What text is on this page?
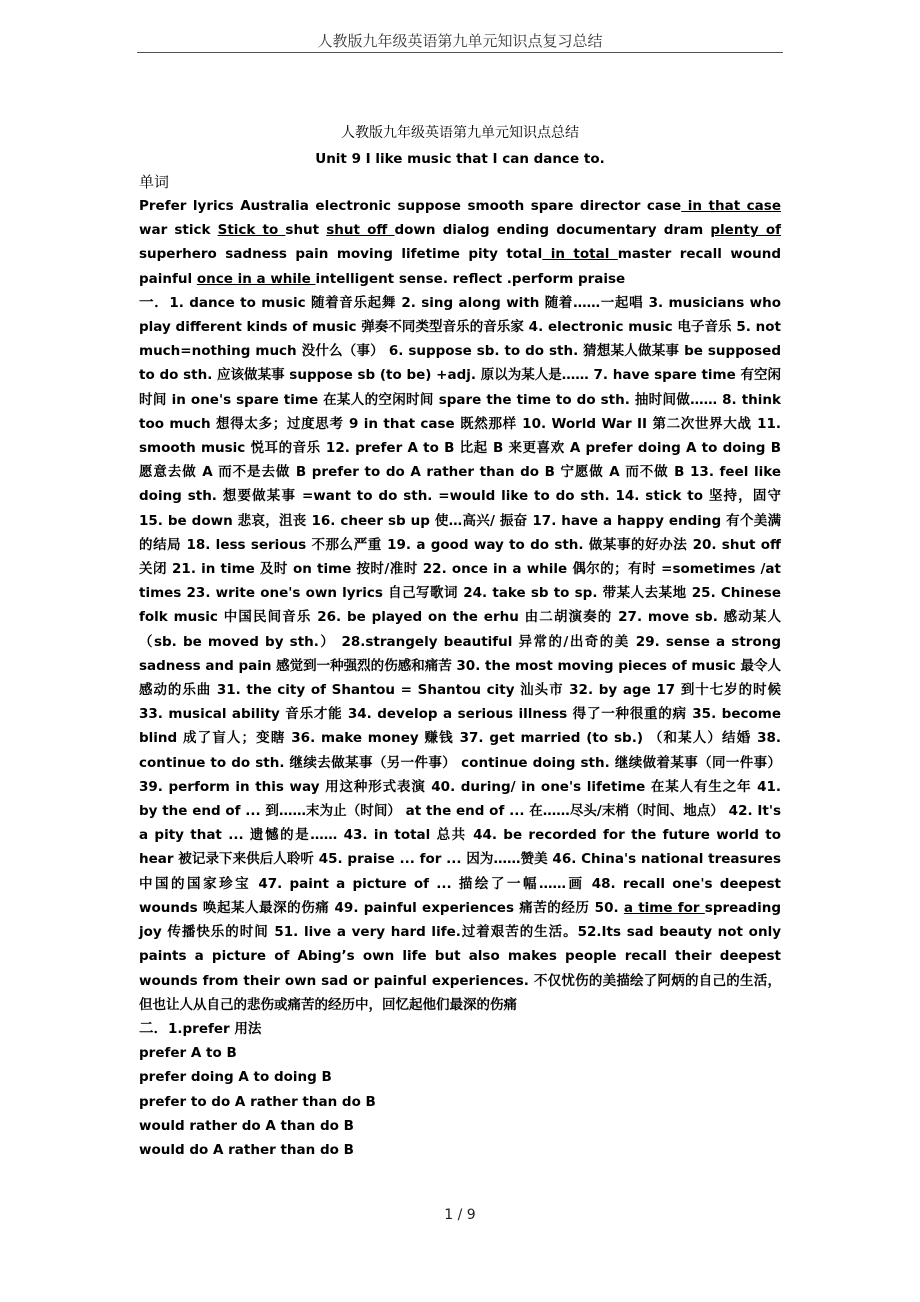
人教版九年级英语第九单元知识点复习总结
人教版九年级英语第九单元知识点总结
Unit 9 I like music that I can dance to.
单词
Prefer lyrics Australia electronic suppose smooth spare director case in that case war stick Stick to shut shut off down dialog ending documentary dram plenty of superhero sadness pain moving lifetime pity total in total master recall wound painful once in a while intelligent sense. reflect .perform praise
一．1. dance to music 随着音乐起舞 2. sing along with 随着……一起唱 3. musicians who play different kinds of music 弹奏不同类型音乐的音乐家 4. electronic music 电子音乐 5. not much=nothing much 没什么（事） 6. suppose sb. to do sth. 猜想某人做某事 be supposed to do sth. 应该做某事 suppose sb (to be) +adj. 原以为某人是…… 7. have spare time 有空闲时间 in one's spare time 在某人的空闲时间 spare the time to do sth. 抽时间做…… 8. think too much 想得太多；过度思考 9 in that case 既然那样 10. World War II 第二次世界大战 11. smooth music 悦耳的音乐 12. prefer A to B 比起 B 来更喜欢 A prefer doing A to doing B 愿意去做 A 而不是去做 B prefer to do A rather than do B 宁愿做 A 而不做 B 13. feel like doing sth. 想要做某事 =want to do sth. =would like to do sth. 14. stick to 坚持，固守 15. be down 悲哀，沮丧 16. cheer sb up 使…高兴/ 振奋 17. have a happy ending 有个美满的结局 18. less serious 不那么严重 19. a good way to do sth. 做某事的好办法 20. shut off 关闭 21. in time 及时 on time 按时/准时 22. once in a while 偶尔的；有时 =sometimes /at times 23. write one's own lyrics 自己写歌词 24. take sb to sp. 带某人去某地 25. Chinese folk music 中国民间音乐 26. be played on the erhu 由二胡演奏的 27. move sb. 感动某人 （sb. be moved by sth.） 28.strangely beautiful 异常的/出奇的美 29. sense a strong sadness and pain 感觉到一种强烈的伤感和痛苦 30. the most moving pieces of music 最令人感动的乐曲 31. the city of Shantou = Shantou city 汕头市 32. by age 17 到十七岁的时候 33. musical ability 音乐才能 34. develop a serious illness 得了一种很重的病 35. become blind 成了盲人；变瞎 36. make money 赚钱 37. get married (to sb.) （和某人）结婚 38. continue to do sth. 继续去做某事（另一件事） continue doing sth. 继续做着某事（同一件事） 39. perform in this way 用这种形式表演 40. during/ in one's lifetime 在某人有生之年 41. by the end of ... 到……末为止（时间） at the end of ... 在……尽头/末梢（时间、地点） 42. It's a pity that ... 遗憾的是…… 43. in total 总共 44. be recorded for the future world to hear 被记录下来供后人聆听 45. praise ... for ... 因为……赞美 46. China's national treasures 中国的国家珍宝 47. paint a picture of ... 描绘了一幅……画 48. recall one's deepest wounds 唤起某人最深的伤痛 49. painful experiences 痛苦的经历 50. a time for spreading joy 传播快乐的时间 51. live a very hard life.过着艰苦的生活。52.Its sad beauty not only paints a picture of Abing’s own life but also makes people recall their deepest wounds from their own sad or painful experiences. 不仅忧伤的美描绘了阿炳的自己的生活，但也让人从自己的悲伤或痛苦的经历中，回忆起他们最深的伤痛
二．1.prefer 用法
prefer A to B
prefer doing A to doing B
prefer to do A rather than do B
would rather do A than do B
would do A rather than do B
1 / 9
